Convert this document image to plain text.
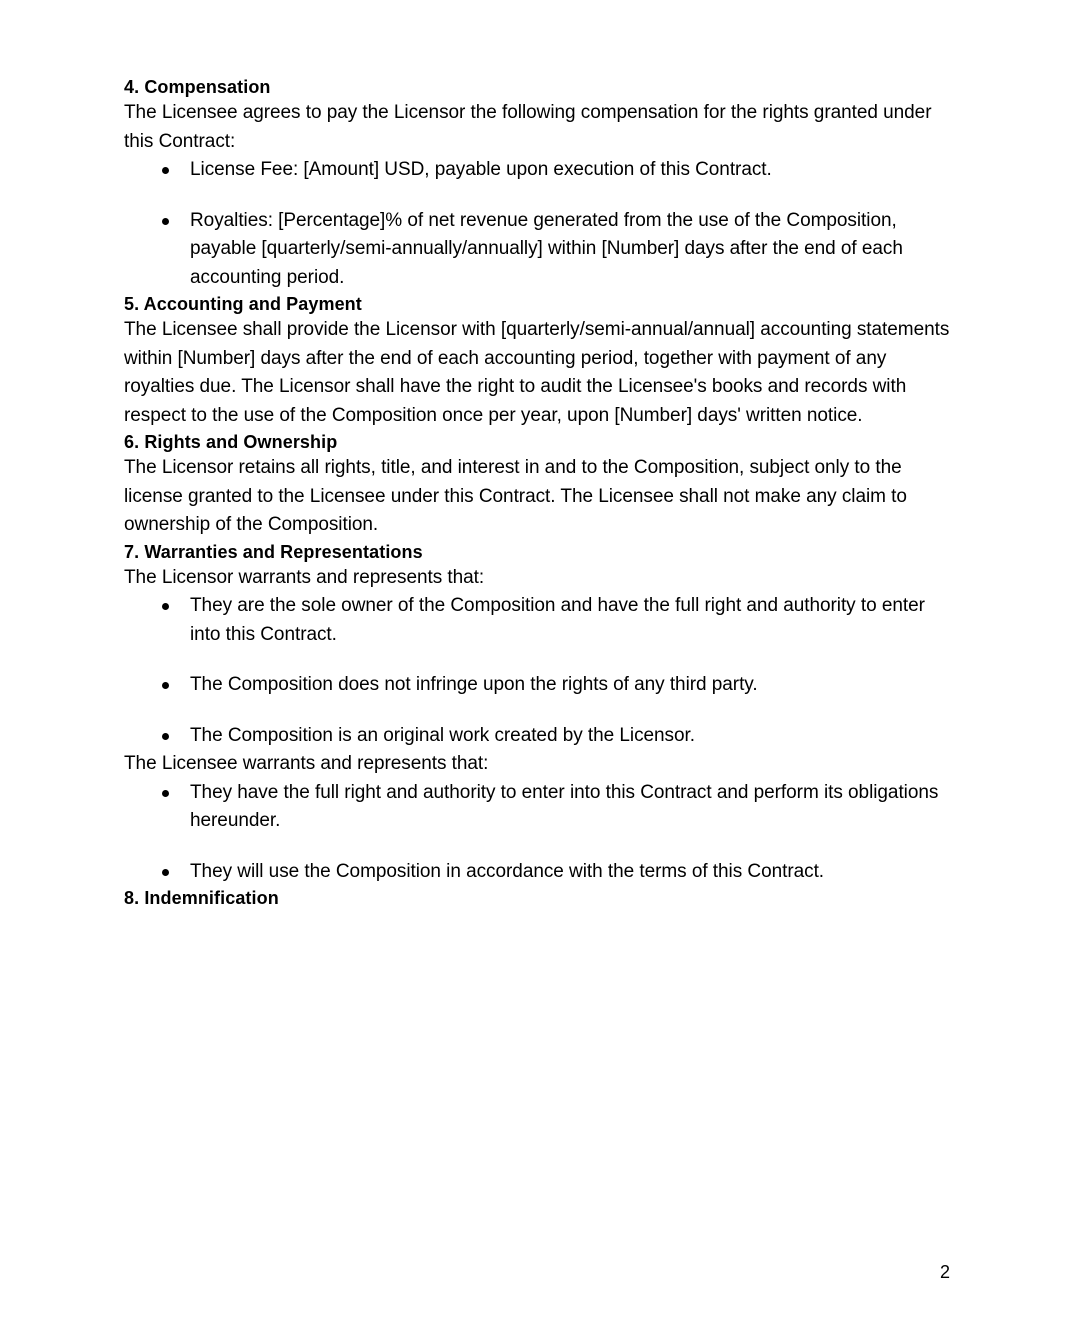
4. Compensation

The Licensee agrees to pay the Licensor the following compensation for the rights granted under this Contract:

License Fee: [Amount] USD, payable upon execution of this Contract.
Royalties: [Percentage]% of net revenue generated from the use of the Composition, payable [quarterly/semi-annually/annually] within [Number] days after the end of each accounting period.
5. Accounting and Payment

The Licensee shall provide the Licensor with [quarterly/semi-annual/annual] accounting statements within [Number] days after the end of each accounting period, together with payment of any royalties due. The Licensor shall have the right to audit the Licensee's books and records with respect to the use of the Composition once per year, upon [Number] days' written notice.

6. Rights and Ownership

The Licensor retains all rights, title, and interest in and to the Composition, subject only to the license granted to the Licensee under this Contract. The Licensee shall not make any claim to ownership of the Composition.

7. Warranties and Representations

The Licensor warrants and represents that:

They are the sole owner of the Composition and have the full right and authority to enter into this Contract.
The Composition does not infringe upon the rights of any third party.
The Composition is an original work created by the Licensor.

The Licensee warrants and represents that:

They have the full right and authority to enter into this Contract and perform its obligations hereunder.
They will use the Composition in accordance with the terms of this Contract.
8. Indemnification
2
